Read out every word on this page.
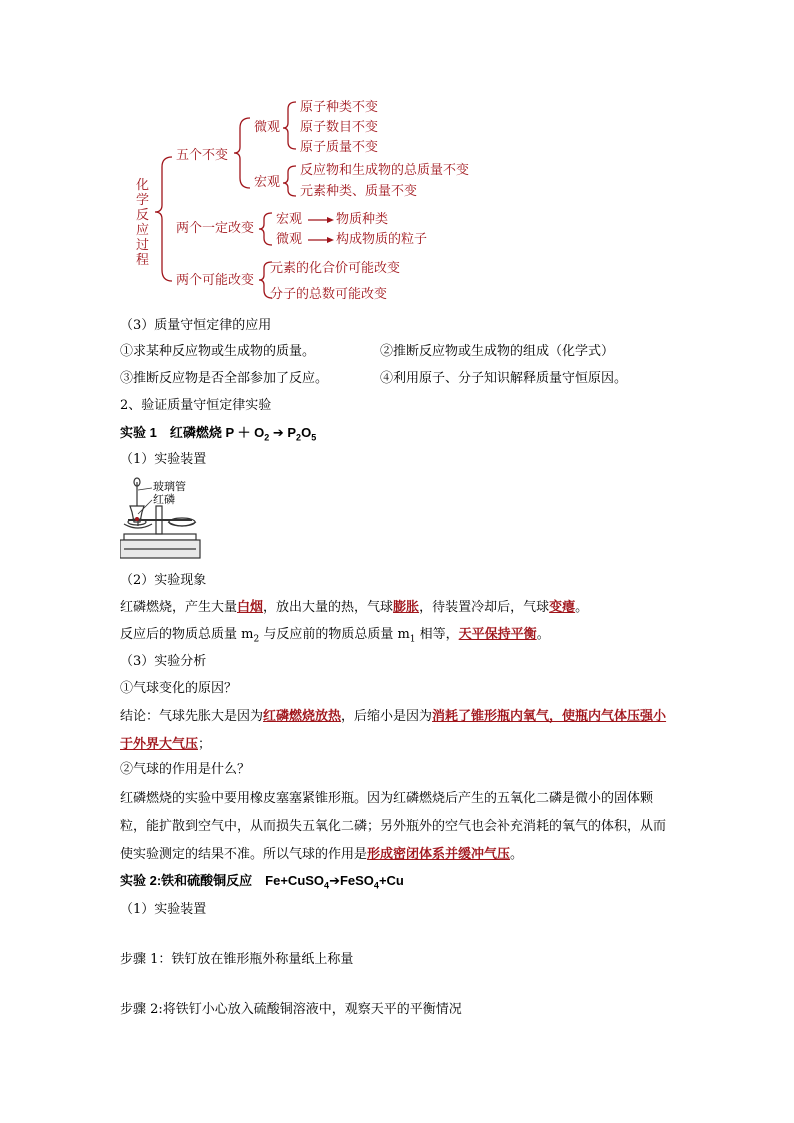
化
学
反
应
过
程
五个不变
微观
宏观
原子种类不变
原子数目不变
原子质量不变
反应物和生成物的总质量不变
元素种类、质量不变
两个一定改变
宏观
微观
物质种类
构成物质的粒子
两个可能改变
元素的化合价可能改变
分子的总数可能改变
（3）质量守恒定律的应用
①求某种反应物或生成物的质量。	②推断反应物或生成物的组成（化学式）
③推断反应物是否全部参加了反应。	④利用原子、分子知识解释质量守恒原因。
2、验证质量守恒定律实验
实验 1　红磷燃烧 $P + O_2$ ➔ $P_2O_5$
（1）实验装置
玻璃管
红磷
（2）实验现象
红磷燃烧，产生大量白烟，放出大量的热，气球膨胀，待装置冷却后，气球变瘪。
反应后的物质总质量 $m_2$ 与反应前的物质总质量 $m_1$ 相等，天平保持平衡。
（3）实验分析
①气球变化的原因？
结论：气球先胀大是因为红磷燃烧放热，后缩小是因为消耗了锥形瓶内氧气，使瓶内气体压强小于外界大气压；
②气球的作用是什么？
红磷燃烧的实验中要用橡皮塞塞紧锥形瓶。因为红磷燃烧后产生的五氧化二磷是微小的固体颗粒，能扩散到空气中，从而损失五氧化二磷；另外瓶外的空气也会补充消耗的氧气的体积，从而使实验测定的结果不准。所以气球的作用是形成密闭体系并缓冲气压。
实验 2:铁和硫酸铜反应　Fe+CuSO$_4$➔FeSO$_4$+Cu
（1）实验装置
步骤 1：铁钉放在锥形瓶外称量纸上称量
步骤 2:将铁钉小心放入硫酸铜溶液中，观察天平的平衡情况
